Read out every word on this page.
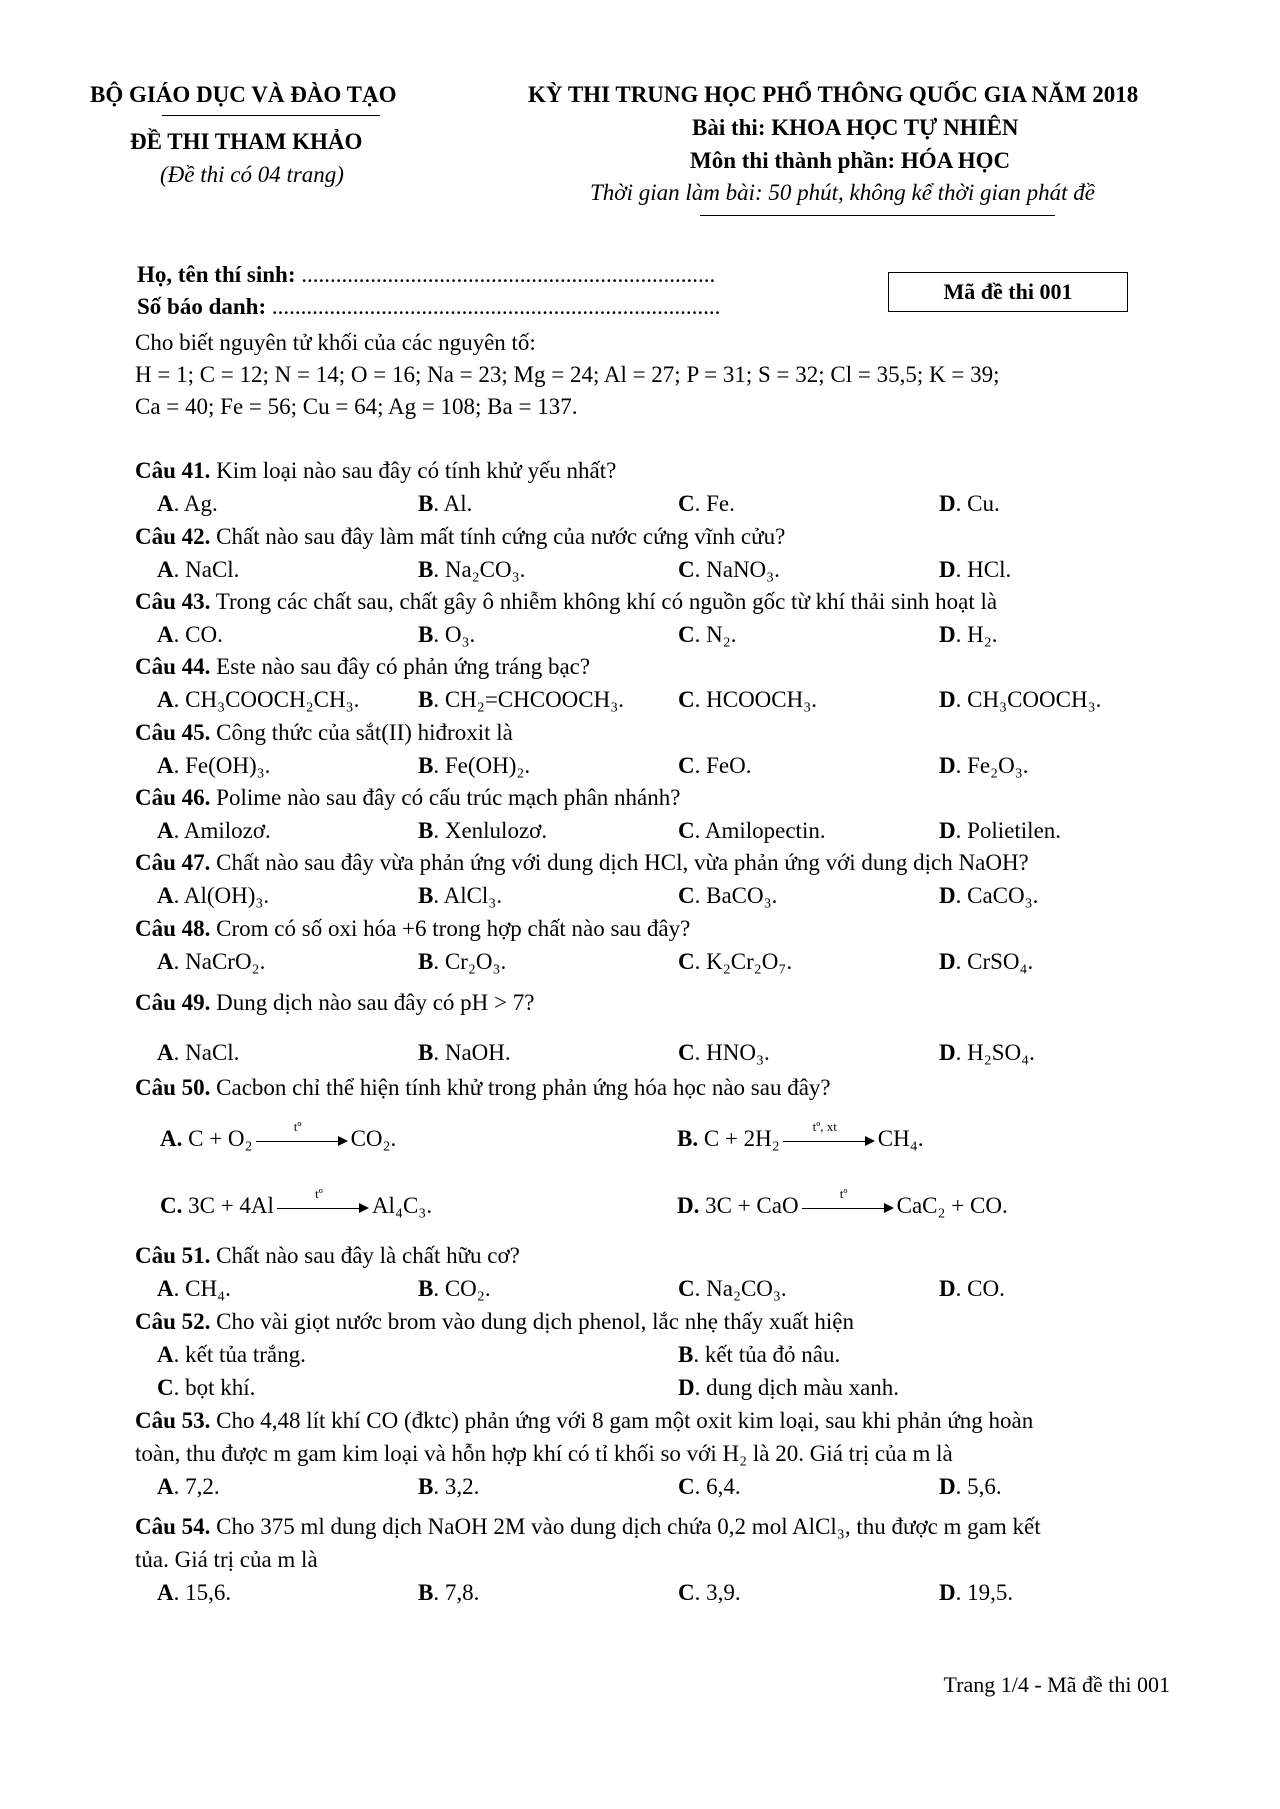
BỘ GIÁO DỤC VÀ ĐÀO TẠO
ĐỀ THI THAM KHẢO
(Đề thi có 04 trang)
KỲ THI TRUNG HỌC PHỔ THÔNG QUỐC GIA NĂM 2018
Bài thi: KHOA HỌC TỰ NHIÊN
Môn thi thành phần: HÓA HỌC
Thời gian làm bài: 50 phút, không kể thời gian phát đề
Họ, tên thí sinh: ........................................................................
Số báo danh: ..............................................................................
Mã đề thi 001
Cho biết nguyên tử khối của các nguyên tố:
H = 1; C = 12; N = 14; O = 16; Na = 23; Mg = 24; Al = 27; P = 31; S = 32; Cl = 35,5; K = 39;
Ca = 40; Fe = 56; Cu = 64; Ag = 108; Ba = 137.
Câu 41. Kim loại nào sau đây có tính khử yếu nhất?
A. Ag.	B. Al.	C. Fe.	D. Cu.
Câu 42. Chất nào sau đây làm mất tính cứng của nước cứng vĩnh cửu?
A. NaCl.	B. Na₂CO₃.	C. NaNO₃.	D. HCl.
Câu 43. Trong các chất sau, chất gây ô nhiễm không khí có nguồn gốc từ khí thải sinh hoạt là
A. CO.	B. O₃.	C. N₂.	D. H₂.
Câu 44. Este nào sau đây có phản ứng tráng bạc?
A. CH₃COOCH₂CH₃.	B. CH₂=CHCOOCH₃. C. HCOOCH₃.	D. CH₃COOCH₃.
Câu 45. Công thức của sắt(II) hiđroxit là
A. Fe(OH)₃.	B. Fe(OH)₂.	C. FeO.	D. Fe₂O₃.
Câu 46. Polime nào sau đây có cấu trúc mạch phân nhánh?
A. Amilozơ.	B. Xenlulozơ.	C. Amilopectin.	D. Polietilen.
Câu 47. Chất nào sau đây vừa phản ứng với dung dịch HCl, vừa phản ứng với dung dịch NaOH?
A. Al(OH)₃.	B. AlCl₃.	C. BaCO₃.	D. CaCO₃.
Câu 48. Crom có số oxi hóa +6 trong hợp chất nào sau đây?
A. NaCrO₂.	B. Cr₂O₃.	C. K₂Cr₂O₇.	D. CrSO₄.
Câu 49. Dung dịch nào sau đây có pH > 7?
A. NaCl.	B. NaOH.	C. HNO₃.	D. H₂SO₄.
Câu 50. Cacbon chỉ thể hiện tính khử trong phản ứng hóa học nào sau đây?
A. C + O₂	tº	CO₂.	B. C + 2H₂	tº, xt	CH₄.
C. 3C + 4Al	tº	Al₄C₃.	D. 3C + CaO	tº	CaC₂ + CO.
Câu 51. Chất nào sau đây là chất hữu cơ?
A. CH₄.	B. CO₂.	C. Na₂CO₃.	D. CO.
Câu 52. Cho vài giọt nước brom vào dung dịch phenol, lắc nhẹ thấy xuất hiện
A. kết tủa trắng.	B. kết tủa đỏ nâu.
C. bọt khí.	D. dung dịch màu xanh.
Câu 53. Cho 4,48 lít khí CO (đktc) phản ứng với 8 gam một oxit kim loại, sau khi phản ứng hoàn
toàn, thu được m gam kim loại và hỗn hợp khí có tỉ khối so với H₂ là 20. Giá trị của m là
A. 7,2.	B. 3,2.	C. 6,4.	D. 5,6.
Câu 54. Cho 375 ml dung dịch NaOH 2M vào dung dịch chứa 0,2 mol AlCl₃, thu được m gam kết
tủa. Giá trị của m là
A. 15,6.	B. 7,8.	C. 3,9.	D. 19,5.
Trang 1/4 - Mã đề thi 001
